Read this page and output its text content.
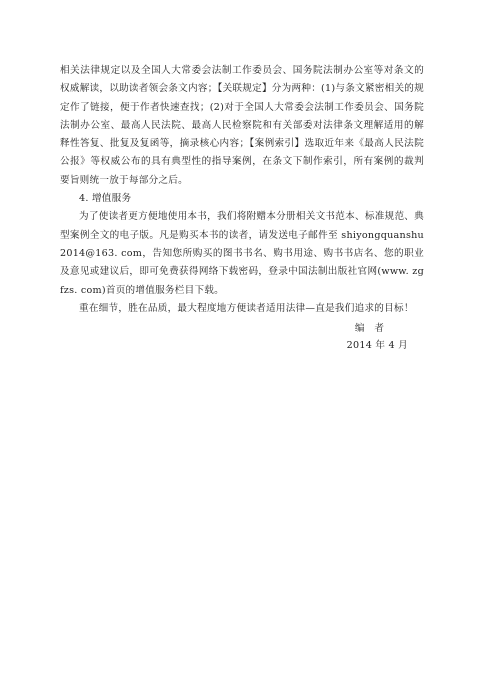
相关法律规定以及全国人大常委会法制工作委员会、国务院法制办公室等对条文的权威解读，以助读者领会条文内容；【关联规定】分为两种：(1)与条文紧密相关的规定作了链接，便于作者快速查找；(2)对于全国人大常委会法制工作委员会、国务院法制办公室、最高人民法院、最高人民检察院和有关部委对法律条文理解适用的解释性答复、批复及复函等，摘录核心内容；【案例索引】选取近年来《最高人民法院公报》等权威公布的具有典型性的指导案例，在条文下制作索引，所有案例的裁判要旨则统一放于每部分之后。

4. 增值服务

为了使读者更方便地使用本书，我们将附赠本分册相关文书范本、标准规范、典型案例全文的电子版。凡是购买本书的读者，请发送电子邮件至 shiyongquanshu2014@163. com，告知您所购买的图书书名、购书用途、购书书店名、您的职业及意见或建议后，即可免费获得网络下载密码，登录中国法制出版社官网(www. zgfzs. com)首页的增值服务栏目下载。

重在细节，胜在品质，最大程度地方便读者适用法律—直是我们追求的目标！

编者
2014 年 4 月
